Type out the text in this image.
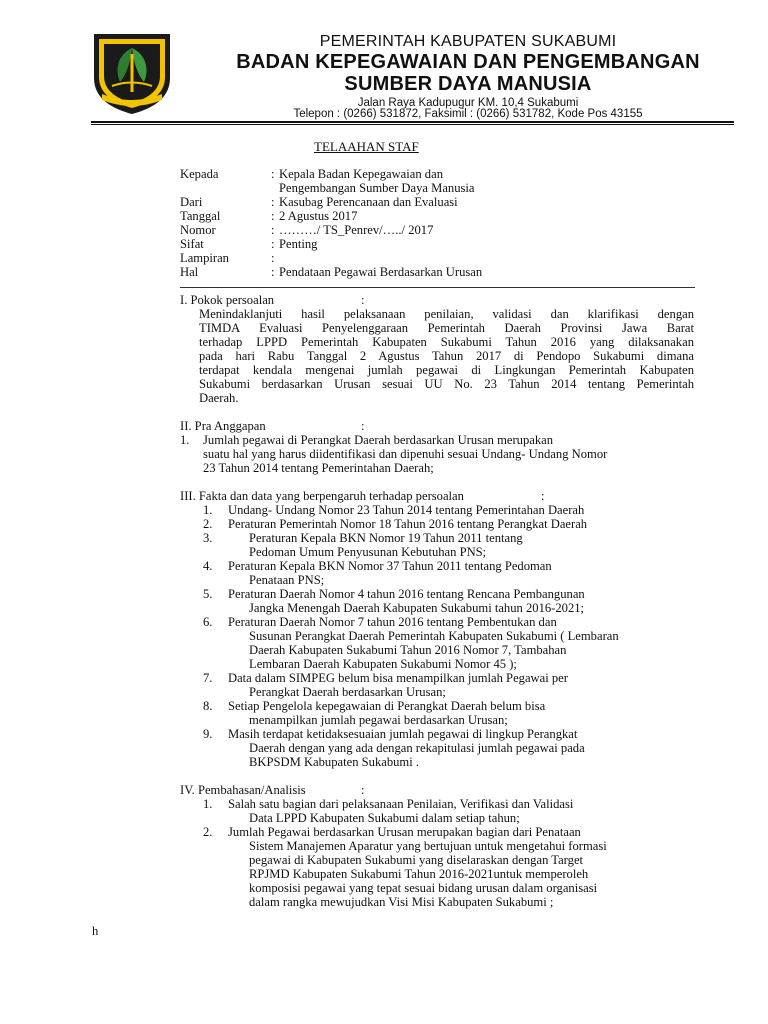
PEMERINTAH KABUPATEN SUKABUMI
BADAN KEPEGAWAIAN DAN PENGEMBANGAN
SUMBER DAYA MANUSIA
Jalan Raya Kadupugur KM. 10,4 Sukabumi
Telepon : (0266) 531872, Faksimil : (0266) 531782, Kode Pos 43155
TELAAHAN STAF
Kepada	: Kepala Badan Kepegawaian dan
Pengembangan Sumber Daya Manusia
Dari	: Kasubag Perencanaan dan Evaluasi
Tanggal	: 2 Agustus 2017
Nomor	: ………/ TS_Penrev/…../ 2017
Sifat	: Penting
Lampiran	:
Hal	: Pendataan Pegawai Berdasarkan Urusan
I. Pokok persoalan	:
Menindaklanjuti hasil pelaksanaan penilaian, validasi dan klarifikasi dengan
TIMDA Evaluasi Penyelenggaraan Pemerintah Daerah Provinsi Jawa Barat
terhadap LPPD Pemerintah Kabupaten Sukabumi Tahun 2016 yang dilaksanakan
pada hari Rabu Tanggal 2 Agustus Tahun 2017 di Pendopo Sukabumi dimana
terdapat kendala mengenai jumlah pegawai di Lingkungan Pemerintah Kabupaten
Sukabumi berdasarkan Urusan sesuai UU No. 23 Tahun 2014 tentang Pemerintah
Daerah.
II. Pra Anggapan	:
1. Jumlah pegawai di Perangkat Daerah berdasarkan Urusan merupakan
suatu hal yang harus diidentifikasi dan dipenuhi sesuai Undang- Undang Nomor
23 Tahun 2014 tentang Pemerintahan Daerah;
III. Fakta dan data yang berpengaruh terhadap persoalan	:
1. Undang- Undang Nomor 23 Tahun 2014 tentang Pemerintahan Daerah
2. Peraturan Pemerintah Nomor 18 Tahun 2016 tentang Perangkat Daerah
3.	Peraturan Kepala BKN Nomor 19 Tahun 2011 tentang
Pedoman Umum Penyusunan Kebutuhan PNS;
4. Peraturan Kepala BKN Nomor 37 Tahun 2011 tentang Pedoman
Penataan PNS;
5. Peraturan Daerah Nomor 4 tahun 2016 tentang Rencana Pembangunan
Jangka Menengah Daerah Kabupaten Sukabumi tahun 2016-2021;
6. Peraturan Daerah Nomor 7 tahun 2016 tentang Pembentukan dan
Susunan Perangkat Daerah Pemerintah Kabupaten Sukabumi ( Lembaran
Daerah Kabupaten Sukabumi Tahun 2016 Nomor 7, Tambahan
Lembaran Daerah Kabupaten Sukabumi Nomor 45 );
7. Data dalam SIMPEG belum bisa menampilkan jumlah Pegawai per
Perangkat Daerah berdasarkan Urusan;
8. Setiap Pengelola kepegawaian di Perangkat Daerah belum bisa
menampilkan jumlah pegawai berdasarkan Urusan;
9. Masih terdapat ketidaksesuaian jumlah pegawai di lingkup Perangkat
Daerah dengan yang ada dengan rekapitulasi jumlah pegawai pada
BKPSDM Kabupaten Sukabumi .
IV. Pembahasan/Analisis	:
1. Salah satu bagian dari pelaksanaan Penilaian, Verifikasi dan Validasi
Data LPPD Kabupaten Sukabumi dalam setiap tahun;
2. Jumlah Pegawai berdasarkan Urusan merupakan bagian dari Penataan
Sistem Manajemen Aparatur yang bertujuan untuk mengetahui formasi
pegawai di Kabupaten Sukabumi yang diselaraskan dengan Target
RPJMD Kabupaten Sukabumi Tahun 2016-2021untuk memperoleh
komposisi pegawai yang tepat sesuai bidang urusan dalam organisasi
dalam rangka mewujudkan Visi Misi Kabupaten Sukabumi ;
h
